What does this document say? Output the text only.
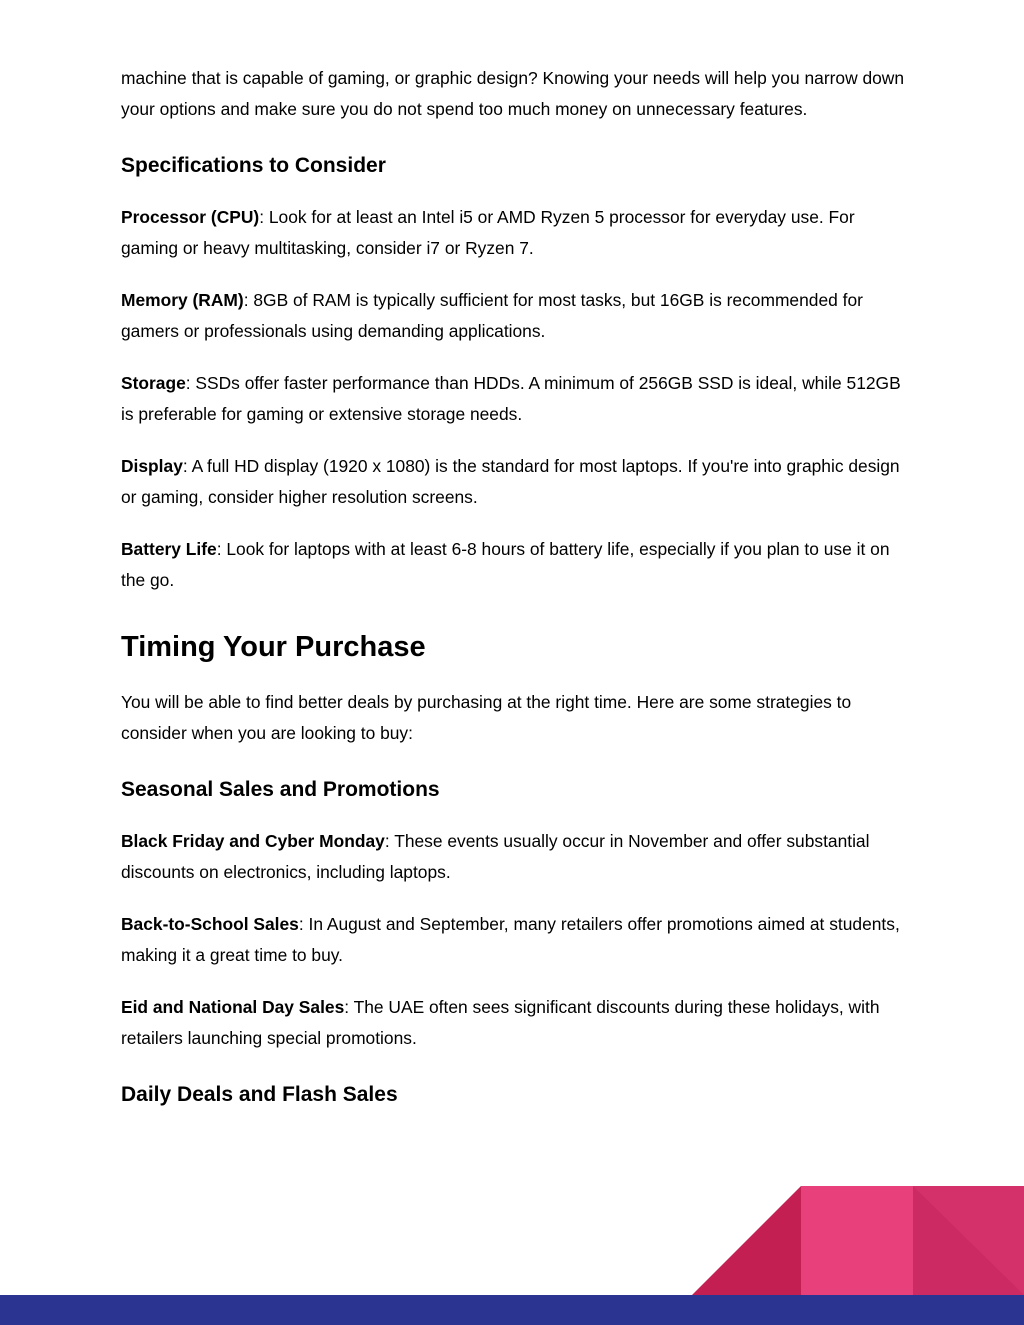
machine that is capable of gaming, or graphic design? Knowing your needs will help you narrow down your options and make sure you do not spend too much money on unnecessary features.

Specifications to Consider

Processor (CPU): Look for at least an Intel i5 or AMD Ryzen 5 processor for everyday use. For gaming or heavy multitasking, consider i7 or Ryzen 7.

Memory (RAM): 8GB of RAM is typically sufficient for most tasks, but 16GB is recommended for gamers or professionals using demanding applications.

Storage: SSDs offer faster performance than HDDs. A minimum of 256GB SSD is ideal, while 512GB is preferable for gaming or extensive storage needs.

Display: A full HD display (1920 x 1080) is the standard for most laptops. If you're into graphic design or gaming, consider higher resolution screens.

Battery Life: Look for laptops with at least 6-8 hours of battery life, especially if you plan to use it on the go.

Timing Your Purchase

You will be able to find better deals by purchasing at the right time. Here are some strategies to consider when you are looking to buy:

Seasonal Sales and Promotions

Black Friday and Cyber Monday: These events usually occur in November and offer substantial discounts on electronics, including laptops.

Back-to-School Sales: In August and September, many retailers offer promotions aimed at students, making it a great time to buy.

Eid and National Day Sales: The UAE often sees significant discounts during these holidays, with retailers launching special promotions.

Daily Deals and Flash Sales
